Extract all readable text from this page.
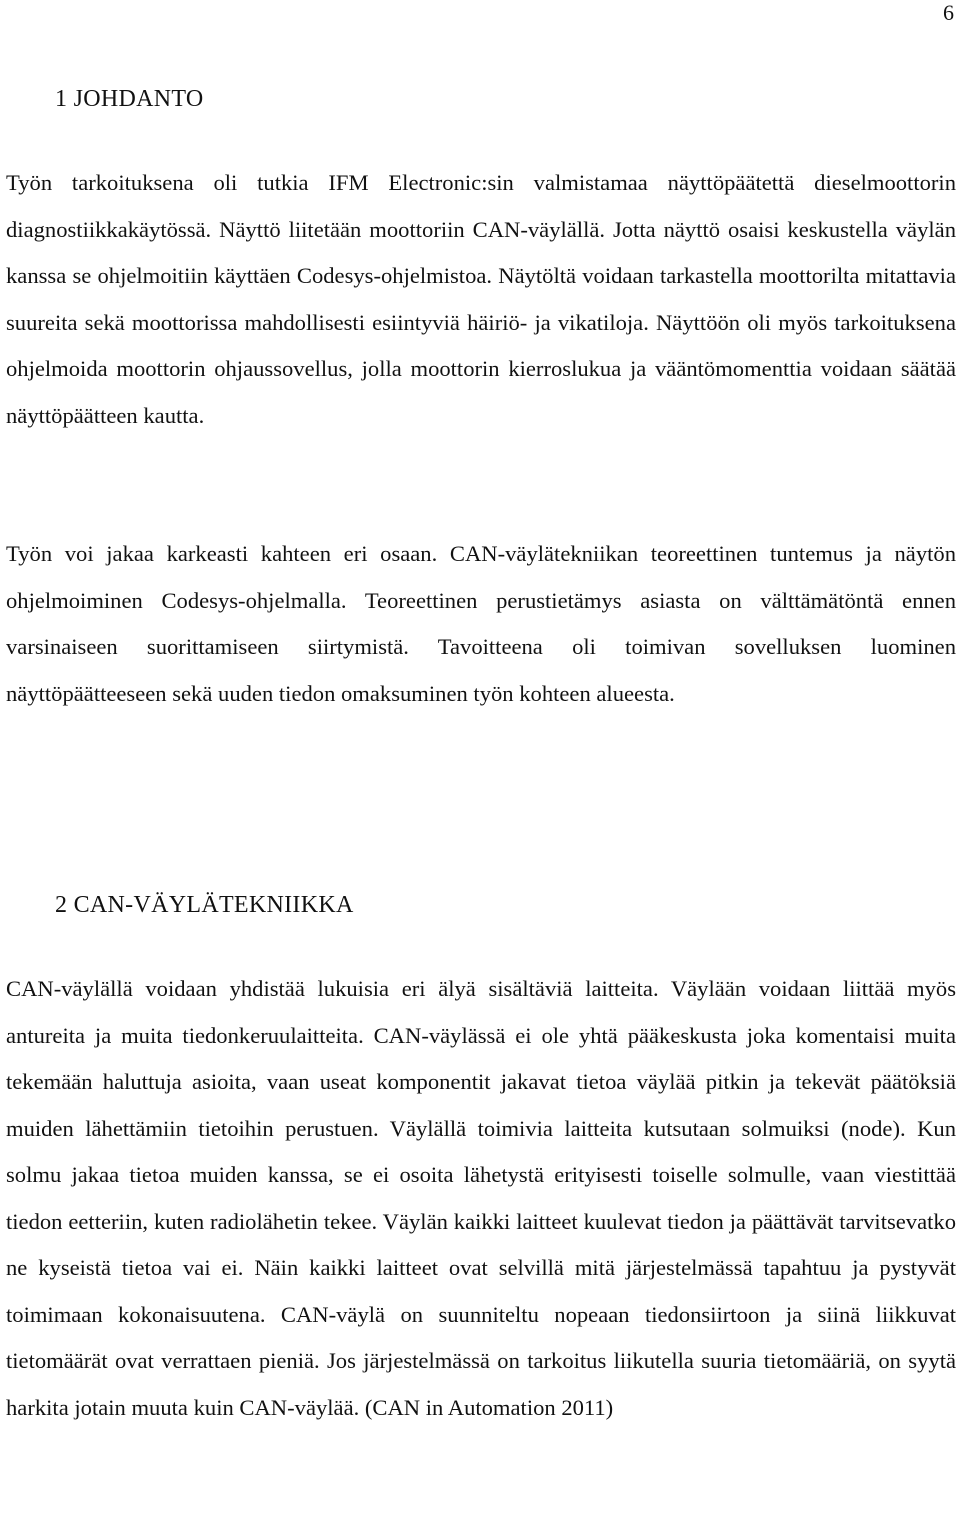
6
1 JOHDANTO

Työn tarkoituksena oli tutkia IFM Electronic:sin valmistamaa näyttöpäätettä dieselmoottorin diagnostiikkakäytössä. Näyttö liitetään moottoriin CAN-väylällä. Jotta näyttö osaisi keskustella väylän kanssa se ohjelmoitiin käyttäen Codesys-ohjelmistoa. Näytöltä voidaan tarkastella moottorilta mitattavia suureita sekä moottorissa mahdollisesti esiintyviä häiriö- ja vikatiloja. Näyttöön oli myös tarkoituksena ohjelmoida moottorin ohjaussovellus, jolla moottorin kierroslukua ja vääntömomenttia voidaan säätää näyttöpäätteen kautta.

Työn voi jakaa karkeasti kahteen eri osaan. CAN-väylätekniikan teoreettinen tuntemus ja näytön ohjelmoiminen Codesys-ohjelmalla. Teoreettinen perustietämys asiasta on välttämätöntä ennen varsinaiseen suorittamiseen siirtymistä. Tavoitteena oli toimivan sovelluksen luominen näyttöpäätteeseen sekä uuden tiedon omaksuminen työn kohteen alueesta.

2 CAN-VÄYLÄTEKNIIKKA

CAN-väylällä voidaan yhdistää lukuisia eri älyä sisältäviä laitteita. Väylään voidaan liittää myös antureita ja muita tiedonkeruulaitteita. CAN-väylässä ei ole yhtä pääkeskusta joka komentaisi muita tekemään haluttuja asioita, vaan useat komponentit jakavat tietoa väylää pitkin ja tekevät päätöksiä muiden lähettämiin tietoihin perustuen. Väylällä toimivia laitteita kutsutaan solmuiksi (node). Kun solmu jakaa tietoa muiden kanssa, se ei osoita lähetystä erityisesti toiselle solmulle, vaan viestittää tiedon eetteriin, kuten radiolähetin tekee. Väylän kaikki laitteet kuulevat tiedon ja päättävät tarvitsevatko ne kyseistä tietoa vai ei. Näin kaikki laitteet ovat selvillä mitä järjestelmässä tapahtuu ja pystyvät toimimaan kokonaisuutena. CAN-väylä on suunniteltu nopeaan tiedonsiirtoon ja siinä liikkuvat tietomäärät ovat verrattaen pieniä. Jos järjestelmässä on tarkoitus liikutella suuria tietomääriä, on syytä harkita jotain muuta kuin CAN-väylää. (CAN in Automation 2011)
